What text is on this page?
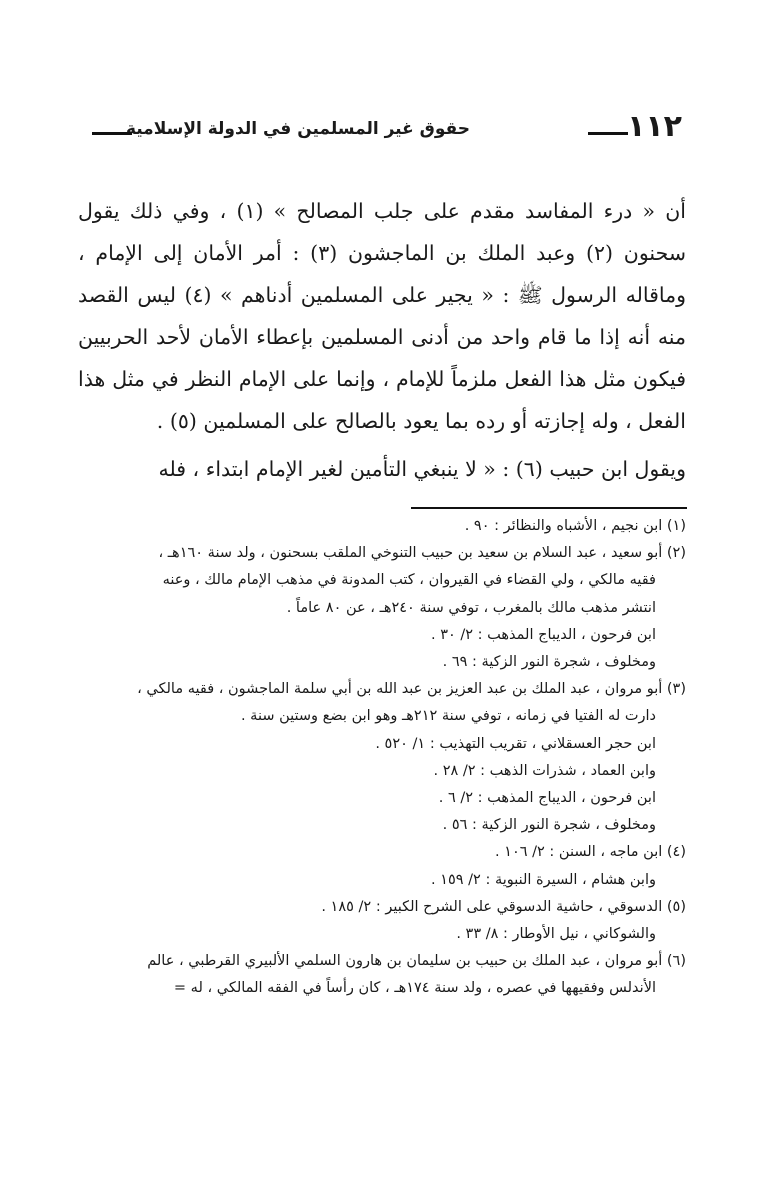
١١٢
حقوق غير المسلمين في الدولة الإسلامية

أن « درء المفاسد مقدم على جلب المصالح » (١) ، وفي ذلك يقول سحنون (٢) وعبد الملك بن الماجشون (٣) : أمر الأمان إلى الإمام ، وماقاله الرسول ﷺ : « يجير على المسلمين أدناهم » (٤) ليس القصد منه أنه إذا ما قام واحد من أدنى المسلمين بإعطاء الأمان لأحد الحربيين فيكون مثل هذا الفعل ملزماً للإمام ، وإنما على الإمام النظر في مثل هذا الفعل ، وله إجازته أو رده بما يعود بالصالح على المسلمين (٥) .

ويقول ابن حبيب (٦) : « لا ينبغي التأمين لغير الإمام ابتداء ، فله

(١) ابن نجيم ، الأشباه والنظائر : ٩٠ .
(٢) أبو سعيد ، عبد السلام بن سعيد بن حبيب التنوخي الملقب بسحنون ، ولد سنة ١٦٠هـ ،
فقيه مالكي ، ولي القضاء في القيروان ، كتب المدونة في مذهب الإمام مالك ، وعنه
انتشر مذهب مالك بالمغرب ، توفي سنة ٢٤٠هـ ، عن ٨٠ عاماً .
ابن فرحون ، الديباج المذهب : ٢/ ٣٠ .
ومخلوف ، شجرة النور الزكية : ٦٩ .
(٣) أبو مروان ، عبد الملك بن عبد العزيز بن عبد الله بن أبي سلمة الماجشون ، فقيه مالكي ،
دارت له الفتيا في زمانه ، توفي سنة ٢١٢هـ وهو ابن بضع وستين سنة .
ابن حجر العسقلاني ، تقريب التهذيب : ١/ ٥٢٠ .
وابن العماد ، شذرات الذهب : ٢/ ٢٨ .
ابن فرحون ، الديباج المذهب : ٢/ ٦ .
ومخلوف ، شجرة النور الزكية : ٥٦ .
(٤) ابن ماجه ، السنن : ٢/ ١٠٦ .
وابن هشام ، السيرة النبوية : ٢/ ١٥٩ .
(٥) الدسوقي ، حاشية الدسوقي على الشرح الكبير : ٢/ ١٨٥ .
والشوكاني ، نيل الأوطار : ٨/ ٣٣ .
(٦) أبو مروان ، عبد الملك بن حبيب بن سليمان بن هارون السلمي الألبيري القرطبي ، عالم
الأندلس وفقيهها في عصره ، ولد سنة ١٧٤هـ ، كان رأساً في الفقه المالكي ، له =
